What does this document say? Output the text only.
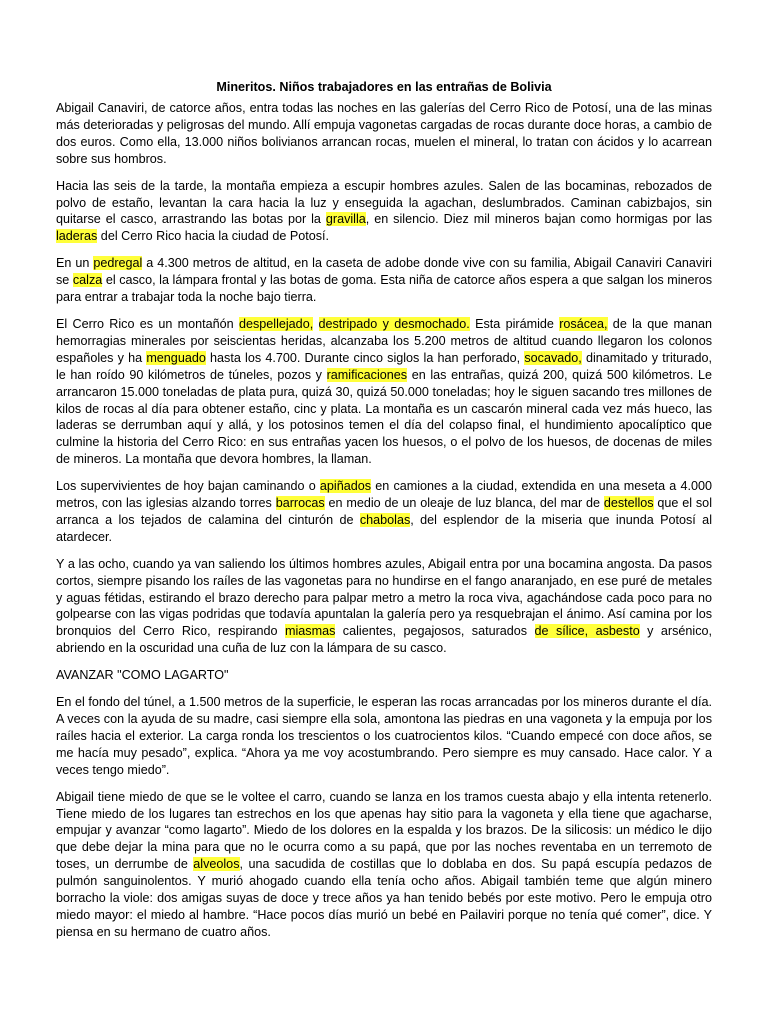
Mineritos. Niños trabajadores en las entrañas de Bolivia

Abigail Canaviri, de catorce años, entra todas las noches en las galerías del Cerro Rico de Potosí, una de las minas más deterioradas y peligrosas del mundo. Allí empuja vagonetas cargadas de rocas durante doce horas, a cambio de dos euros. Como ella, 13.000 niños bolivianos arrancan rocas, muelen el mineral, lo tratan con ácidos y lo acarrean sobre sus hombros.

Hacia las seis de la tarde, la montaña empieza a escupir hombres azules. Salen de las bocaminas, rebozados de polvo de estaño, levantan la cara hacia la luz y enseguida la agachan, deslumbrados. Caminan cabizbajos, sin quitarse el casco, arrastrando las botas por la gravilla, en silencio. Diez mil mineros bajan como hormigas por las laderas del Cerro Rico hacia la ciudad de Potosí.

En un pedregal a 4.300 metros de altitud, en la caseta de adobe donde vive con su familia, Abigail Canaviri Canaviri se calza el casco, la lámpara frontal y las botas de goma. Esta niña de catorce años espera a que salgan los mineros para entrar a trabajar toda la noche bajo tierra.

El Cerro Rico es un montañón despellejado, destripado y desmochado. Esta pirámide rosácea, de la que manan hemorragias minerales por seiscientas heridas, alcanzaba los 5.200 metros de altitud cuando llegaron los colonos españoles y ha menguado hasta los 4.700. Durante cinco siglos la han perforado, socavado, dinamitado y triturado, le han roído 90 kilómetros de túneles, pozos y ramificaciones en las entrañas, quizá 200, quizá 500 kilómetros. Le arrancaron 15.000 toneladas de plata pura, quizá 30, quizá 50.000 toneladas; hoy le siguen sacando tres millones de kilos de rocas al día para obtener estaño, cinc y plata. La montaña es un cascarón mineral cada vez más hueco, las laderas se derrumban aquí y allá, y los potosinos temen el día del colapso final, el hundimiento apocalíptico que culmine la historia del Cerro Rico: en sus entrañas yacen los huesos, o el polvo de los huesos, de docenas de miles de mineros. La montaña que devora hombres, la llaman.

Los supervivientes de hoy bajan caminando o apiñados en camiones a la ciudad, extendida en una meseta a 4.000 metros, con las iglesias alzando torres barrocas en medio de un oleaje de luz blanca, del mar de destellos que el sol arranca a los tejados de calamina del cinturón de chabolas, del esplendor de la miseria que inunda Potosí al atardecer.

Y a las ocho, cuando ya van saliendo los últimos hombres azules, Abigail entra por una bocamina angosta. Da pasos cortos, siempre pisando los raíles de las vagonetas para no hundirse en el fango anaranjado, en ese puré de metales y aguas fétidas, estirando el brazo derecho para palpar metro a metro la roca viva, agachándose cada poco para no golpearse con las vigas podridas que todavía apuntalan la galería pero ya resquebrajan el ánimo. Así camina por los bronquios del Cerro Rico, respirando miasmas calientes, pegajosos, saturados de sílice, asbesto y arsénico, abriendo en la oscuridad una cuña de luz con la lámpara de su casco.

AVANZAR "COMO LAGARTO"

En el fondo del túnel, a 1.500 metros de la superficie, le esperan las rocas arrancadas por los mineros durante el día. A veces con la ayuda de su madre, casi siempre ella sola, amontona las piedras en una vagoneta y la empuja por los raíles hacia el exterior. La carga ronda los trescientos o los cuatrocientos kilos. “Cuando empecé con doce años, se me hacía muy pesado”, explica. “Ahora ya me voy acostumbrando. Pero siempre es muy cansado. Hace calor. Y a veces tengo miedo”.

Abigail tiene miedo de que se le voltee el carro, cuando se lanza en los tramos cuesta abajo y ella intenta retenerlo. Tiene miedo de los lugares tan estrechos en los que apenas hay sitio para la vagoneta y ella tiene que agacharse, empujar y avanzar “como lagarto”. Miedo de los dolores en la espalda y los brazos. De la silicosis: un médico le dijo que debe dejar la mina para que no le ocurra como a su papá, que por las noches reventaba en un terremoto de toses, un derrumbe de alveolos, una sacudida de costillas que lo doblaba en dos. Su papá escupía pedazos de pulmón sanguinolentos. Y murió ahogado cuando ella tenía ocho años. Abigail también teme que algún minero borracho la viole: dos amigas suyas de doce y trece años ya han tenido bebés por este motivo. Pero le empuja otro miedo mayor: el miedo al hambre. “Hace pocos días murió un bebé en Pailaviri porque no tenía qué comer”, dice. Y piensa en su hermano de cuatro años.
